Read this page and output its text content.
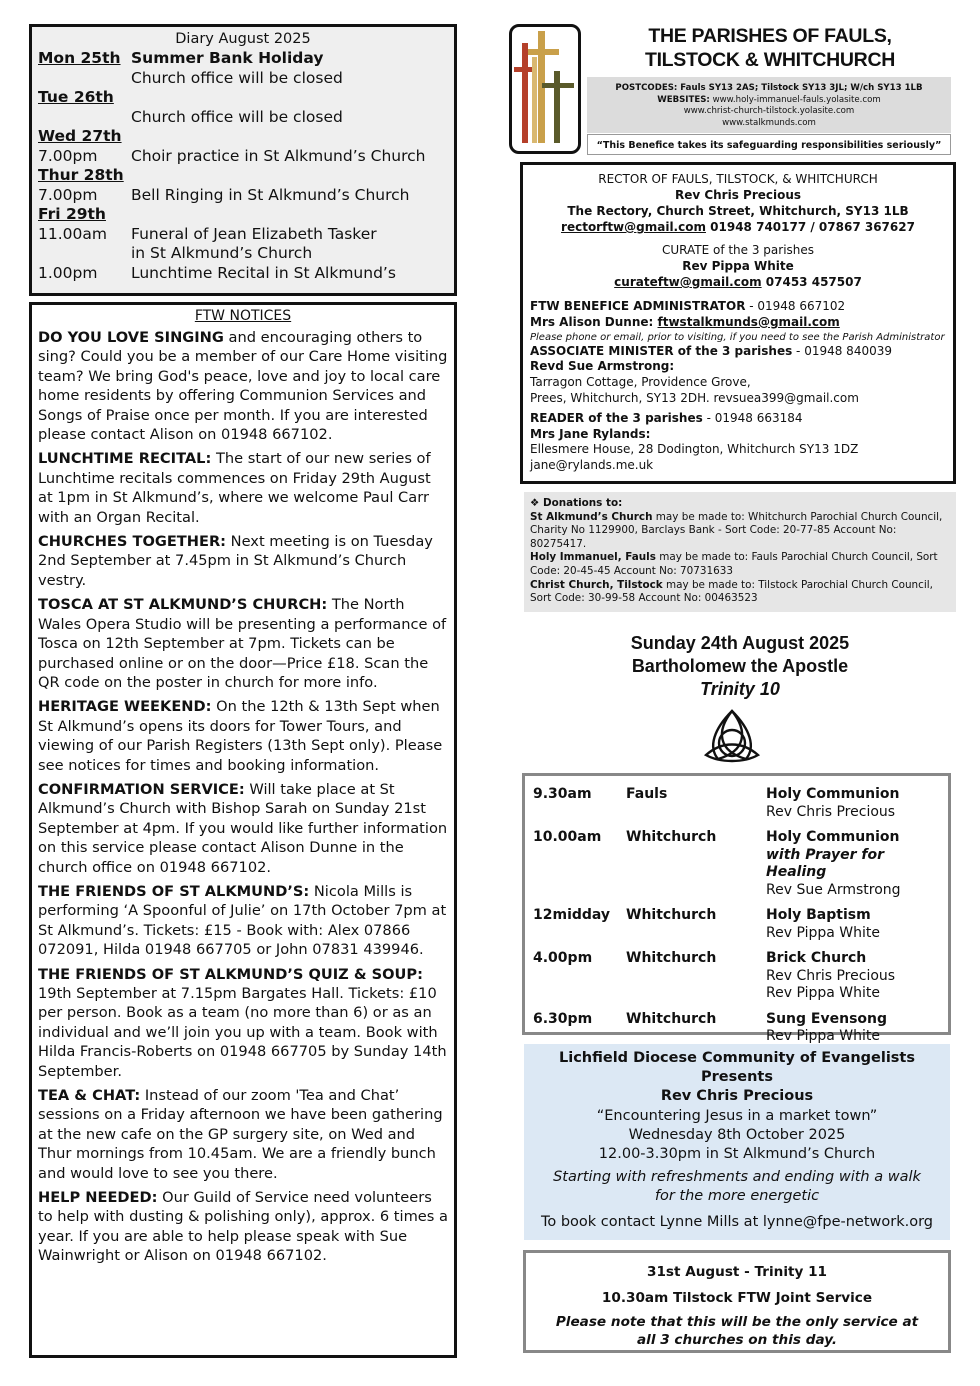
Diary August 2025
Mon 25th Summer Bank Holiday
Church office will be closed
Tue 26th
Church office will be closed
Wed 27th
7.00pm	Choir practice in St Alkmund’s Church
Thur 28th
7.00pm	Bell Ringing in St Alkmund’s Church
Fri 29th
11.00am	Funeral of Jean Elizabeth Tasker
in St Alkmund’s Church
1.00pm	Lunchtime Recital in St Alkmund’s
FTW NOTICES
DO YOU LOVE SINGING and encouraging others to sing? Could you be a member of our Care Home visiting team? We bring God's peace, love and joy to local care home residents by offering Communion Services and Songs of Praise once per month. If you are interested please contact Alison on 01948 667102.
LUNCHTIME RECITAL: The start of our new series of Lunchtime recitals commences on Friday 29th August at 1pm in St Alkmund’s, where we welcome Paul Carr with an Organ Recital.
CHURCHES TOGETHER: Next meeting is on Tuesday 2nd September at 7.45pm in St Alkmund’s Church vestry.
TOSCA AT ST ALKMUND’S CHURCH: The North Wales Opera Studio will be presenting a performance of Tosca on 12th September at 7pm. Tickets can be purchased online or on the door—Price £18. Scan the QR code on the poster in church for more info.
HERITAGE WEEKEND: On the 12th & 13th Sept when St Alkmund’s opens its doors for Tower Tours, and viewing of our Parish Registers (13th Sept only). Please see notices for times and booking information.
CONFIRMATION SERVICE: Will take place at St Alkmund’s Church with Bishop Sarah on Sunday 21st September at 4pm. If you would like further information on this service please contact Alison Dunne in the church office on 01948 667102.
THE FRIENDS OF ST ALKMUND’S: Nicola Mills is performing ‘A Spoonful of Julie’ on 17th October 7pm at St Alkmund’s. Tickets: £15 - Book with: Alex 07866 072091, Hilda 01948 667705 or John 07831 439946.
THE FRIENDS OF ST ALKMUND’S QUIZ & SOUP: 19th September at 7.15pm Bargates Hall. Tickets: £10 per person. Book as a team (no more than 6) or as an individual and we’ll join you up with a team. Book with Hilda Francis-Roberts on 01948 667705 by Sunday 14th September.
TEA & CHAT: Instead of our zoom 'Tea and Chat’ sessions on a Friday afternoon we have been gathering at the new cafe on the GP surgery site, on Wed and Thur mornings from 10.45am. We are a friendly bunch and would love to see you there.
HELP NEEDED: Our Guild of Service need volunteers to help with dusting & polishing only), approx. 6 times a year. If you are able to help please speak with Sue Wainwright or Alison on 01948 667102.
THE PARISHES OF FAULS,
TILSTOCK & WHITCHURCH
POSTCODES: Fauls SY13 2AS; Tilstock SY13 3JL; W/ch SY13 1LB
WEBSITES: www.holy-immanuel-fauls.yolasite.com
www.christ-church-tilstock.yolasite.com
www.stalkmunds.com
“This Benefice takes its safeguarding responsibilities seriously”
RECTOR OF FAULS, TILSTOCK, & WHITCHURCH
Rev Chris Precious
The Rectory, Church Street, Whitchurch, SY13 1LB
rectorftw@gmail.com 01948 740177 / 07867 367627
CURATE of the 3 parishes
Rev Pippa White
curateftw@gmail.com 07453 457507
FTW BENEFICE ADMINISTRATOR - 01948 667102
Mrs Alison Dunne: ftwstalkmunds@gmail.com
Please phone or email, prior to visiting, if you need to see the Parish Administrator
ASSOCIATE MINISTER of the 3 parishes - 01948 840039
Revd Sue Armstrong:
Tarragon Cottage, Providence Grove,
Prees, Whitchurch, SY13 2DH. revsuea399@gmail.com
READER of the 3 parishes - 01948 663184
Mrs Jane Rylands:
Ellesmere House, 28 Dodington, Whitchurch SY13 1DZ
jane@rylands.me.uk
❖ Donations to:
St Alkmund’s Church may be made to: Whitchurch Parochial Church Council, Charity No 1129900, Barclays Bank - Sort Code: 20-77-85 Account No: 80275417.
Holy Immanuel, Fauls may be made to: Fauls Parochial Church Council, Sort Code: 20-45-45 Account No: 70731633
Christ Church, Tilstock may be made to: Tilstock Parochial Church Council, Sort Code: 30-99-58 Account No: 00463523
Sunday 24th August 2025
Bartholomew the Apostle
Trinity 10
9.30am	Fauls	Holy Communion
Rev Chris Precious
10.00am	Whitchurch	Holy Communion
with Prayer for Healing
Rev Sue Armstrong
12midday	Whitchurch	Holy Baptism
Rev Pippa White
4.00pm	Whitchurch	Brick Church
Rev Chris Precious
Rev Pippa White
6.30pm	Whitchurch	Sung Evensong
Rev Pippa White
Lichfield Diocese Community of Evangelists
Presents
Rev Chris Precious
“Encountering Jesus in a market town”
Wednesday 8th October 2025
12.00-3.30pm in St Alkmund’s Church
Starting with refreshments and ending with a walk
for the more energetic
To book contact Lynne Mills at lynne@fpe-network.org
31st August - Trinity 11
10.30am Tilstock FTW Joint Service
Please note that this will be the only service at
all 3 churches on this day.
